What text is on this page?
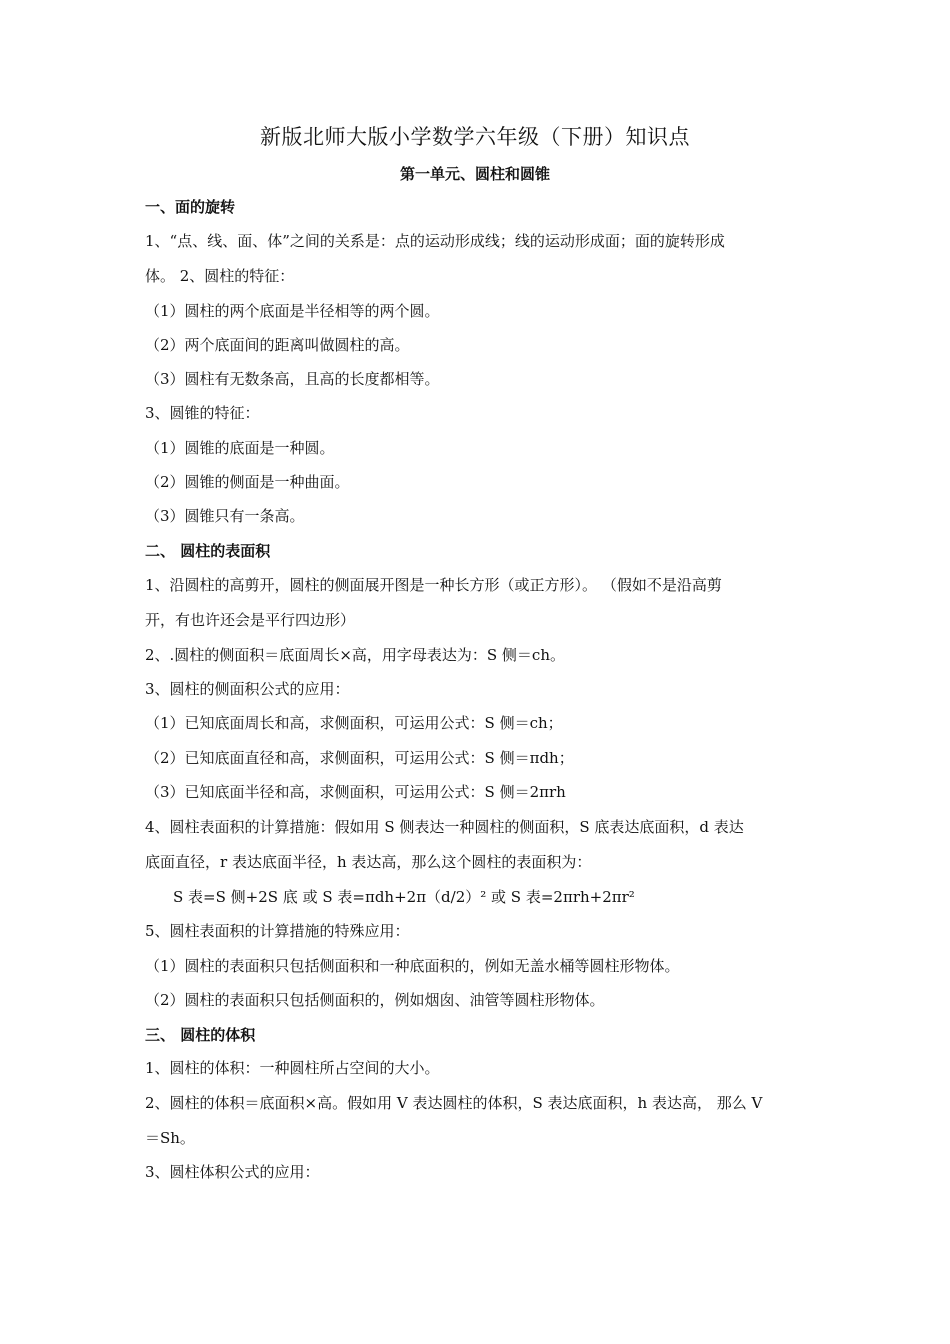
新版北师大版小学数学六年级（下册）知识点
第一单元、圆柱和圆锥
一、面的旋转
1、“点、线、面、体”之间的关系是：点的运动形成线；线的运动形成面；面的旋转形成
体。 2、圆柱的特征：
（1）圆柱的两个底面是半径相等的两个圆。
（2）两个底面间的距离叫做圆柱的高。
（3）圆柱有无数条高，且高的长度都相等。
3、圆锥的特征：
（1）圆锥的底面是一种圆。
（2）圆锥的侧面是一种曲面。
（3）圆锥只有一条高。
二、 圆柱的表面积
1、沿圆柱的高剪开，圆柱的侧面展开图是一种长方形（或正方形）。 （假如不是沿高剪
开，有也许还会是平行四边形）
2、.圆柱的侧面积＝底面周长×高，用字母表达为：S 侧＝ch。
3、圆柱的侧面积公式的应用：
（1）已知底面周长和高，求侧面积，可运用公式：S 侧＝ch；
（2）已知底面直径和高，求侧面积，可运用公式：S 侧＝πdh；
（3）已知底面半径和高，求侧面积，可运用公式：S 侧＝2πrh
4、圆柱表面积的计算措施：假如用 S 侧表达一种圆柱的侧面积，S 底表达底面积，d 表达
底面直径，r 表达底面半径，h 表达高，那么这个圆柱的表面积为：
S 表=S 侧+2S 底 或 S 表=πdh+2π（d/2）² 或 S 表=2πrh+2πr²
5、圆柱表面积的计算措施的特殊应用：
（1）圆柱的表面积只包括侧面积和一种底面积的，例如无盖水桶等圆柱形物体。
（2）圆柱的表面积只包括侧面积的，例如烟囱、油管等圆柱形物体。
三、 圆柱的体积
1、圆柱的体积：一种圆柱所占空间的大小。
2、圆柱的体积＝底面积×高。假如用 V 表达圆柱的体积，S 表达底面积，h 表达高， 那么 V
＝Sh。
3、圆柱体积公式的应用：
